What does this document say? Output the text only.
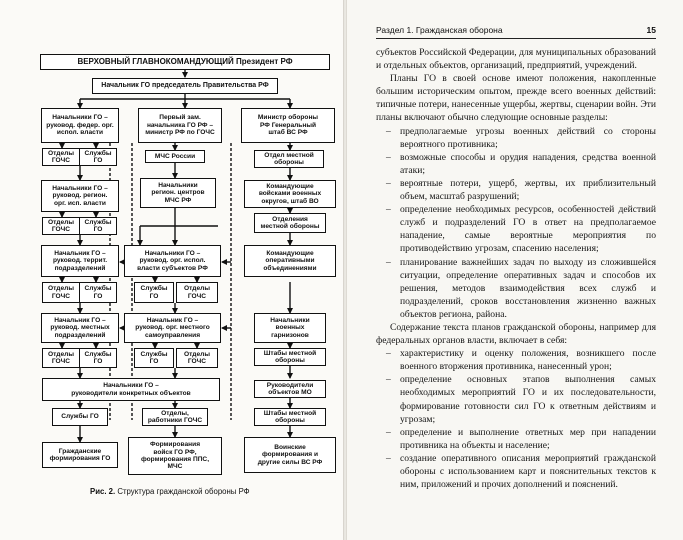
ВЕРХОВНЫЙ ГЛАВНОКОМАНДУЮЩИЙ Президент РФ
Начальник ГО председатель Правительства РФ
Начальники ГО –
руковод. федер. орг.
испол. власти
Первый зам.
начальника ГО РФ –
министр РФ по ГОЧС
Министр обороны
РФ Генеральный
штаб ВС РФ
Отделы
ГОЧС
Службы
ГО
МЧС России	Отдел местной
обороны
Начальники ГО –
руковод. регион.
орг. исп. власти
Начальники
регион. центров
МЧС РФ
Командующие
войсками военных
округов, штаб ВО
Отделы
ГОЧС
Службы
ГО
Отделения
местной обороны
Начальник ГО –
руковод. террит.
подразделений
Начальники ГО –
руковод. орг. испол.
власти субъектов РФ
Командующие
оперативными
объединениями
Отделы
ГОЧС
Службы
ГО
Службы
ГО
Отделы
ГОЧС
Начальник ГО –
руковод. местных
подразделений
Начальник ГО –
руковод. орг. местного
самоуправления
Начальники
военных
гарнизонов
Отделы
ГОЧС
Службы
ГО
Службы
ГО
Отделы
ГОЧС
Штабы местной
обороны
Начальники ГО –
руководители конкретных объектов
Руководители
объектов МО
Службы ГО
Отделы,
работники ГОЧС
Штабы местной
обороны
Гражданские
формирования ГО
Формирования
войск ГО РФ,
формирования ППС,
МЧС
Воинские
формирования и
другие силы ВС РФ
Рис. 2. Структура гражданской обороны РФ
Раздел 1. Гражданская оборона	15

субъектов Российской Федерации, для муниципальных образований и отдельных объектов, организаций, предприятий, учреждений.

Планы ГО в своей основе имеют положения, накопленные большим историческим опытом, прежде всего военных действий: типичные потери, нанесенные ущербы, жертвы, сценарии войн. Эти планы включают обычно следующие основные разделы:

– предполагаемые угрозы военных действий со стороны вероятного противника;
– возможные способы и орудия нападения, средства военной атаки;
– вероятные потери, ущерб, жертвы, их приблизительный объем, масштаб разрушений;
– определение необходимых ресурсов, особенностей действий служб и подразделений ГО в ответ на предполагаемое нападение, самые вероятные мероприятия по противодействию угрозам, спасению населения;
– планирование важнейших задач по выходу из сложившейся ситуации, определение оперативных задач и способов их решения, методов взаимодействия всех служб и подразделений, сроков восстановления жизненно важных объектов региона, района.

Содержание текста планов гражданской обороны, например для федеральных органов власти, включает в себя:

– характеристику и оценку положения, возникшего после военного вторжения противника, нанесенный урон;
– определение основных этапов выполнения самых необходимых мероприятий ГО и их последовательности, формирование готовности сил ГО к ответным действиям и угрозам;
– определение и выполнение ответных мер при нападении противника на объекты и население;
– создание оперативного описания мероприятий гражданской обороны с использованием карт и пояснительных текстов к ним, приложений и прочих дополнений и пояснений.
